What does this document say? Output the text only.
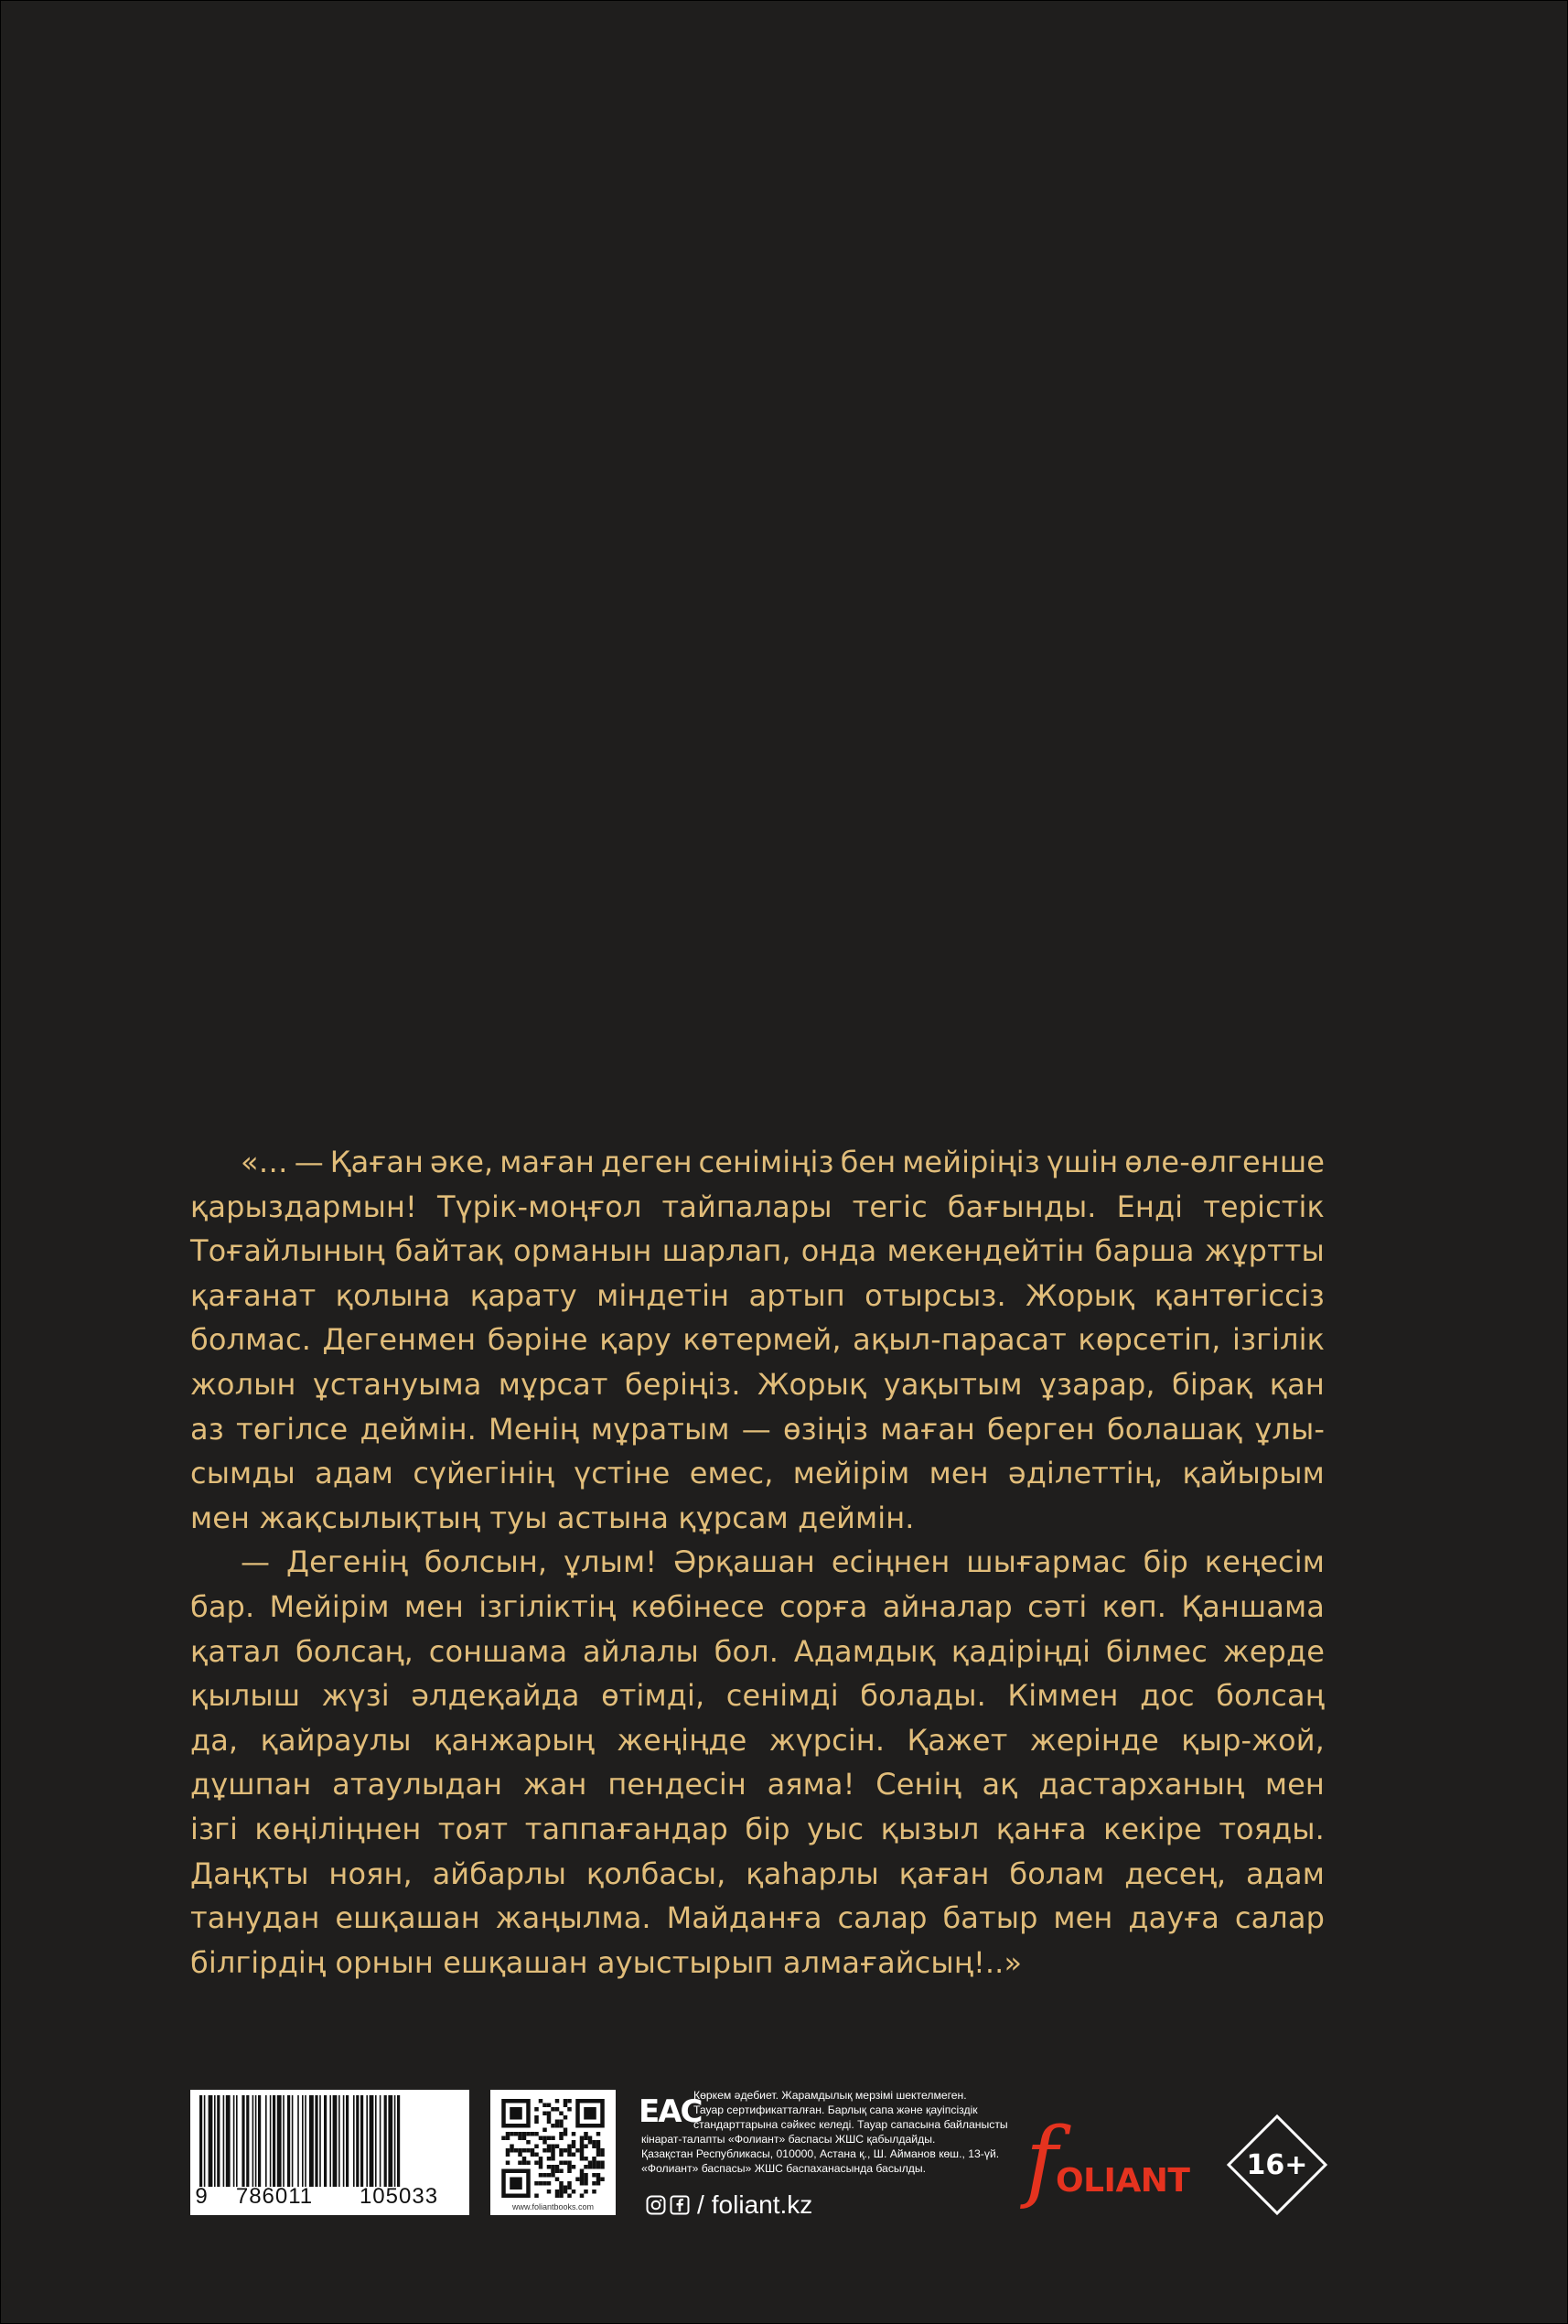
«… — Қаған әке, маған деген сеніміңіз бен мейіріңіз үшін өле-өлгенше
қарыздармын! Түрік-моңғол тайпалары тегіс бағынды. Енді терістік
Тоғайлының байтақ орманын шарлап, онда мекендейтін барша жұртты
қағанат қолына қарату міндетін артып отырсыз. Жорық қантөгіссіз
болмас. Дегенмен бәріне қару көтермей, ақыл-парасат көрсетіп, ізгілік
жолын ұстануыма мұрсат беріңіз. Жорық уақытым ұзарар, бірақ қан
аз төгілсе деймін. Менің мұратым — өзіңіз маған берген болашақ ұлы-
сымды адам сүйегінің үстіне емес, мейірім мен әділеттің, қайырым
мен жақсылықтың туы астына құрсам деймін.
— Дегенің болсын, ұлым! Әрқашан есіңнен шығармас бір кеңесім
бар. Мейірім мен ізгіліктің көбінесе сорға айналар сәті көп. Қаншама
қатал болсаң, соншама айлалы бол. Адамдық қадіріңді білмес жерде
қылыш жүзі әлдеқайда өтімді, сенімді болады. Кіммен дос болсаң
да, қайраулы қанжарың жеңіңде жүрсін. Қажет жерінде қыр-жой,
дұшпан атаулыдан жан пендесін аяма! Сенің ақ дастарханың мен
ізгі көңіліңнен тоят таппағандар бір уыс қызыл қанға кекіре тояды.
Даңқты ноян, айбарлы қолбасы, қаһарлы қаған болам десең, адам
танудан ешқашан жаңылма. Майданға салар батыр мен дауға салар
білгірдің орнын ешқашан ауыстырып алмағайсың!..»
9	786011	105033	www.foliantbooks.com
EAC
Көркем әдебиет. Жарамдылық мерзімі шектелмеген.
Тауар сертификатталған. Барлық сапа және қауіпсіздік
стандарттарына сәйкес келеді. Тауар сапасына байланысты
кінарат-талапты «Фолиант» баспасы ЖШС қабылдайды.
Қазақстан Республикасы, 010000, Астана қ., Ш. Айманов көш., 13-үй.
«Фолиант» баспасы» ЖШС баспаханасында басылды.
/ foliant.kz f
OLIANT	16+
